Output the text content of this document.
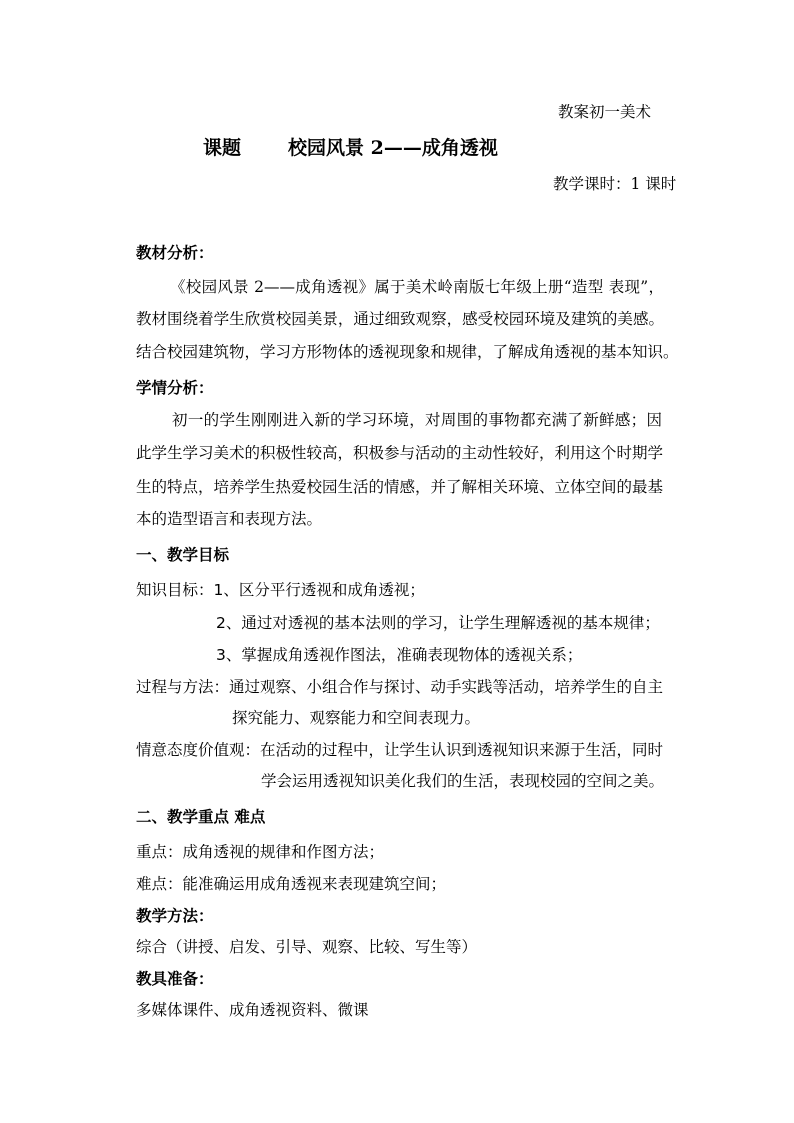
教案初一美术
课题 校园风景 2——成角透视
教学课时：1 课时
教材分析：
《校园风景 2——成角透视》属于美术岭南版七年级上册“造型 表现”，
教材围绕着学生欣赏校园美景，通过细致观察，感受校园环境及建筑的美感。
结合校园建筑物，学习方形物体的透视现象和规律，了解成角透视的基本知识。
学情分析：
初一的学生刚刚进入新的学习环境，对周围的事物都充满了新鲜感；因
此学生学习美术的积极性较高，积极参与活动的主动性较好，利用这个时期学
生的特点，培养学生热爱校园生活的情感，并了解相关环境、立体空间的最基
本的造型语言和表现方法。
一、教学目标
知识目标：1、区分平行透视和成角透视；
2、通过对透视的基本法则的学习，让学生理解透视的基本规律；
3、掌握成角透视作图法，准确表现物体的透视关系；
过程与方法：通过观察、小组合作与探讨、动手实践等活动，培养学生的自主
探究能力、观察能力和空间表现力。
情意态度价值观：在活动的过程中，让学生认识到透视知识来源于生活，同时
学会运用透视知识美化我们的生活，表现校园的空间之美。
二、教学重点 难点
重点：成角透视的规律和作图方法；
难点：能准确运用成角透视来表现建筑空间；
教学方法：
综合（讲授、启发、引导、观察、比较、写生等）
教具准备：
多媒体课件、成角透视资料、微课
